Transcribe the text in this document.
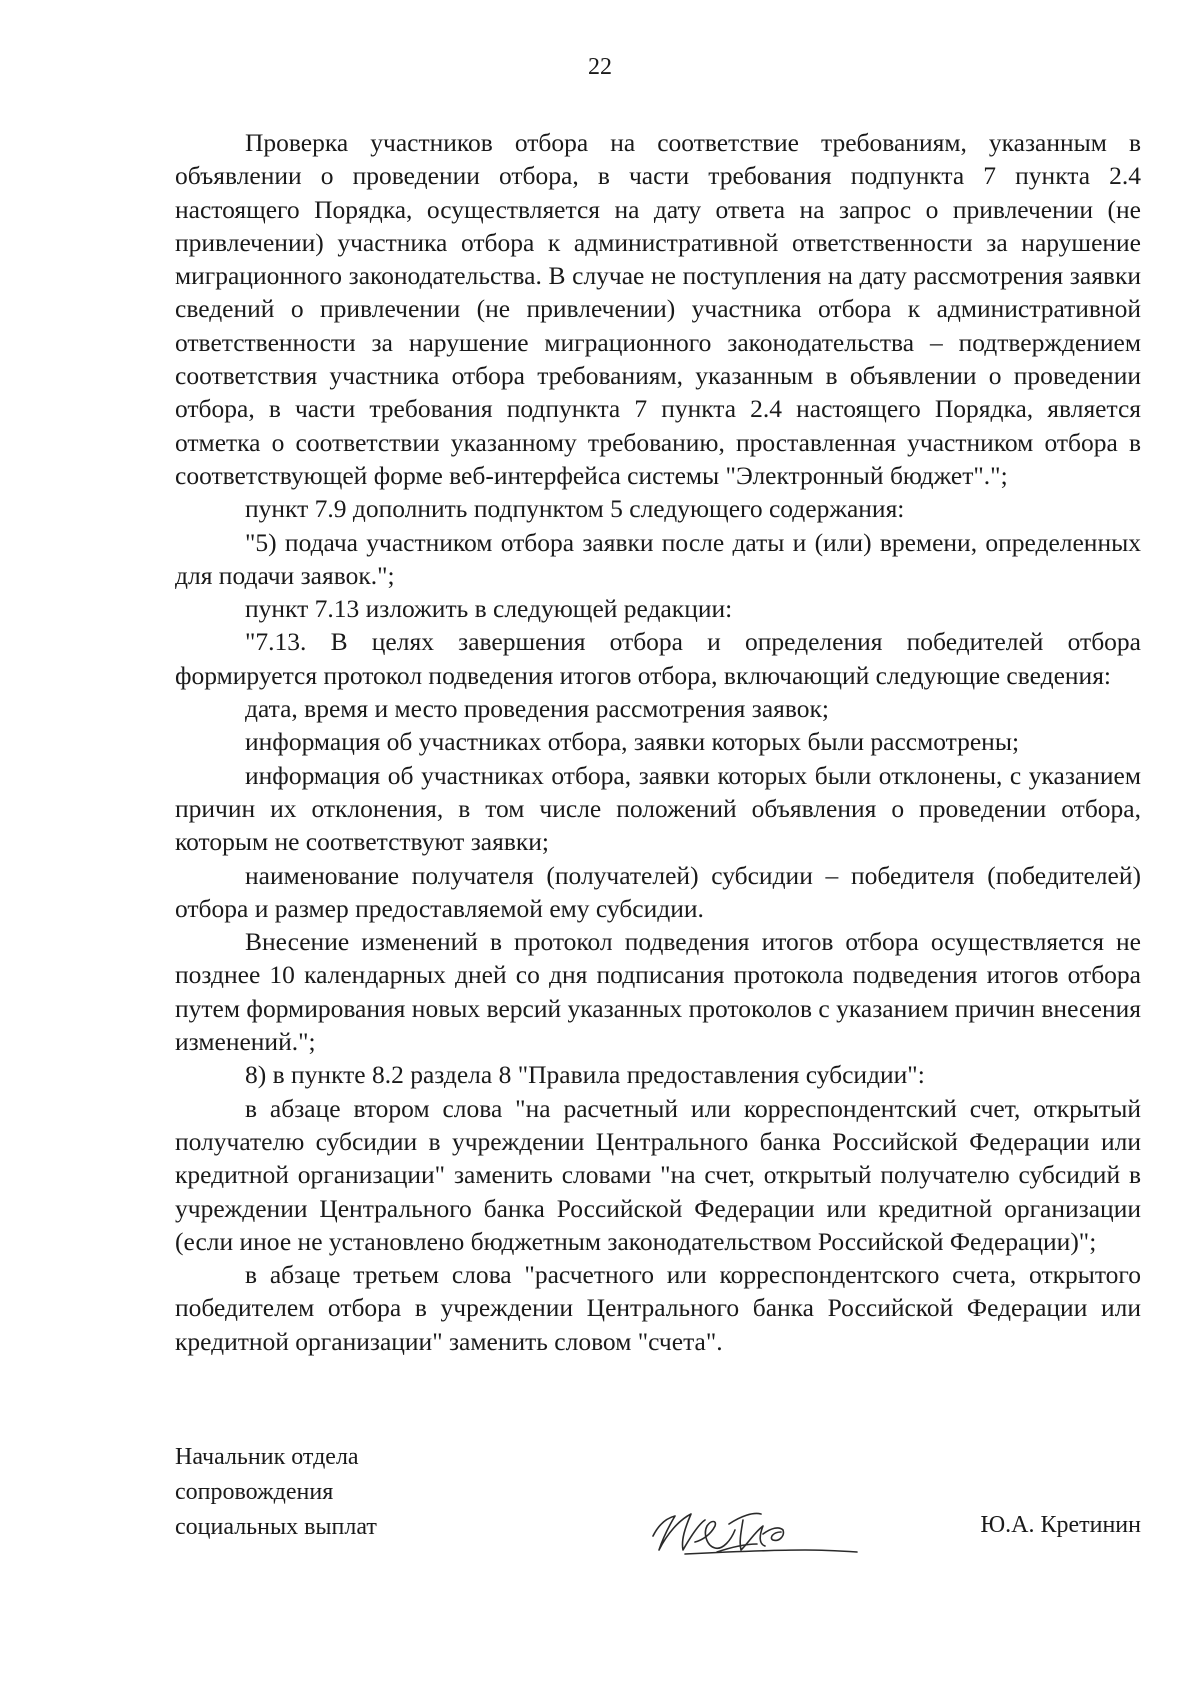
22

Проверка участников отбора на соответствие требованиям, указанным в объявлении о проведении отбора, в части требования подпункта 7 пункта 2.4 настоящего Порядка, осуществляется на дату ответа на запрос о привлечении (не привлечении) участника отбора к административной ответственности за нарушение миграционного законодательства. В случае не поступления на дату рассмотрения заявки сведений о привлечении (не привлечении) участника отбора к административной ответственности за нарушение миграционного законодательства – подтверждением соответствия участника отбора требованиям, указанным в объявлении о проведении отбора, в части требования подпункта 7 пункта 2.4 настоящего Порядка, является отметка о соответствии указанному требованию, проставленная участником отбора в соответствующей форме веб-интерфейса системы "Электронный бюджет".";

пункт 7.9 дополнить подпунктом 5 следующего содержания:

"5) подача участником отбора заявки после даты и (или) времени, определенных для подачи заявок.";

пункт 7.13 изложить в следующей редакции:

"7.13. В целях завершения отбора и определения победителей отбора формируется протокол подведения итогов отбора, включающий следующие сведения:

дата, время и место проведения рассмотрения заявок;

информация об участниках отбора, заявки которых были рассмотрены;

информация об участниках отбора, заявки которых были отклонены, с указанием причин их отклонения, в том числе положений объявления о проведении отбора, которым не соответствуют заявки;

наименование получателя (получателей) субсидии – победителя (победителей) отбора и размер предоставляемой ему субсидии.

Внесение изменений в протокол подведения итогов отбора осуществляется не позднее 10 календарных дней со дня подписания протокола подведения итогов отбора путем формирования новых версий указанных протоколов с указанием причин внесения изменений.";

8) в пункте 8.2 раздела 8 "Правила предоставления субсидии":

в абзаце втором слова "на расчетный или корреспондентский счет, открытый получателю субсидии в учреждении Центрального банка Российской Федерации или кредитной организации" заменить словами "на счет, открытый получателю субсидий в учреждении Центрального банка Российской Федерации или кредитной организации (если иное не установлено бюджетным законодательством Российской Федерации)";

в абзаце третьем слова "расчетного или корреспондентского счета, открытого победителем отбора в учреждении Центрального банка Российской Федерации или кредитной организации" заменить словом "счета".

Начальник отдела
сопровождения
социальных выплат	Ю.А. Кретинин
